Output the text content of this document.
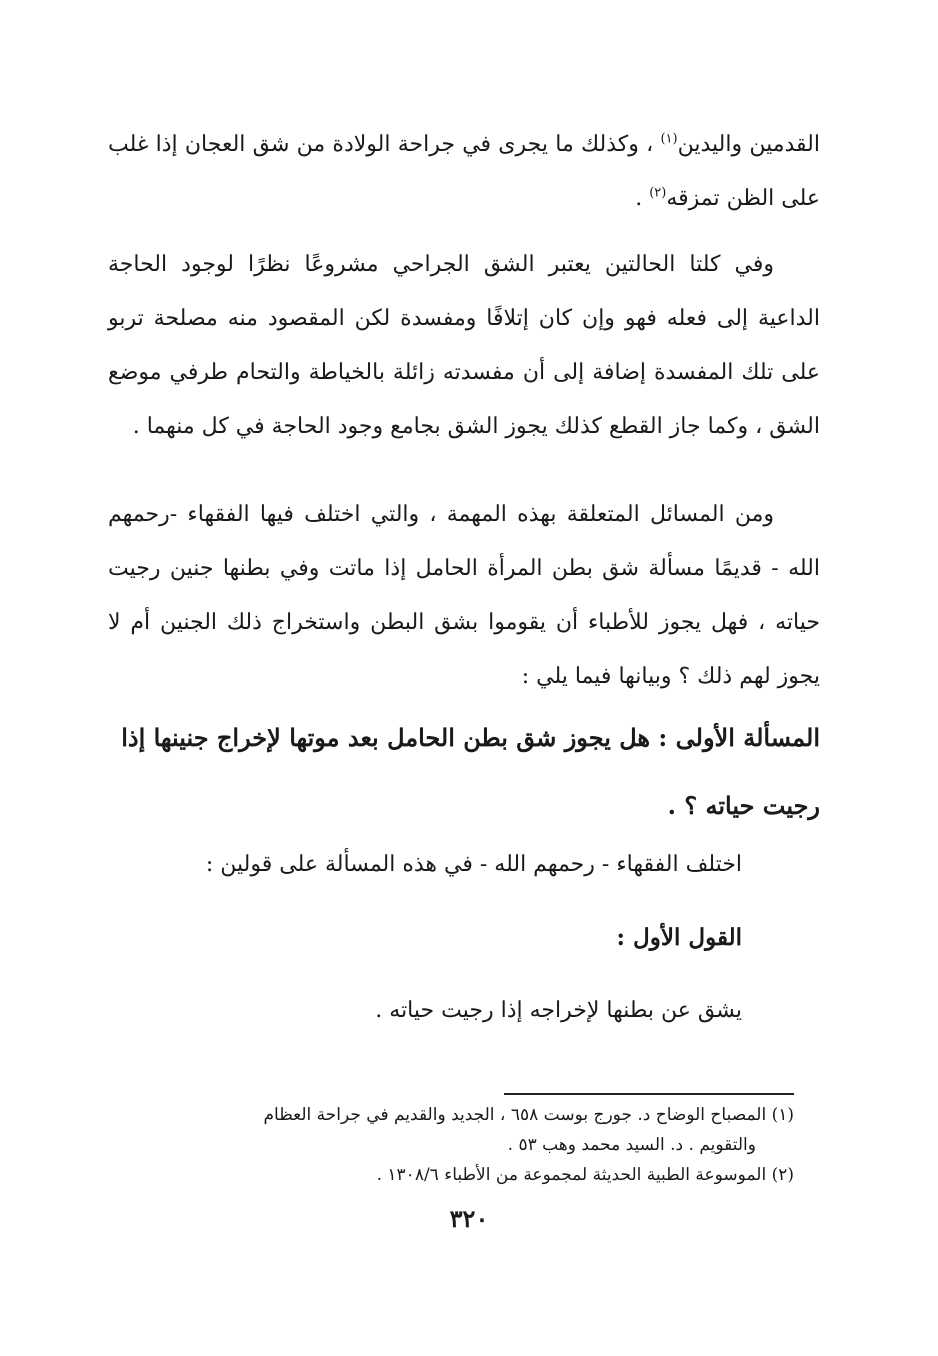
القدمين واليدين$^{(١)}$ ، وكذلك ما يجرى في جراحة الولادة من شق العجان إذا غلب على الظن تمزقه$^{(٢)}$ .

وفي كلتا الحالتين يعتبر الشق الجراحي مشروعًا نظرًا لوجود الحاجة الداعية إلى فعله فهو وإن كان إتلافًا ومفسدة لكن المقصود منه مصلحة تربو على تلك المفسدة إضافة إلى أن مفسدته زائلة بالخياطة والتحام طرفي موضع الشق ، وكما جاز القطع كذلك يجوز الشق بجامع وجود الحاجة في كل منهما .

ومن المسائل المتعلقة بهذه المهمة ، والتي اختلف فيها الفقهاء -رحمهم الله - قديمًا مسألة شق بطن المرأة الحامل إذا ماتت وفي بطنها جنين رجيت حياته ، فهل يجوز للأطباء أن يقوموا بشق البطن واستخراج ذلك الجنين أم لا يجوز لهم ذلك ؟ وبيانها فيما يلي :

المسألة الأولى : هل يجوز شق بطن الحامل بعد موتها لإخراج جنينها إذا رجيت حياته ؟ .

اختلف الفقهاء - رحمهم الله - في هذه المسألة على قولين :

القول الأول :

يشق عن بطنها لإخراجه إذا رجيت حياته .

(١) المصباح الوضاح د. جورج بوست ٦٥٨ ، الجديد والقديم في جراحة العظام

والتقويم . د. السيد محمد وهب ٥٣ .

(٢) الموسوعة الطبية الحديثة لمجموعة من الأطباء ١٣٠٨/٦ .

٣٢٠
